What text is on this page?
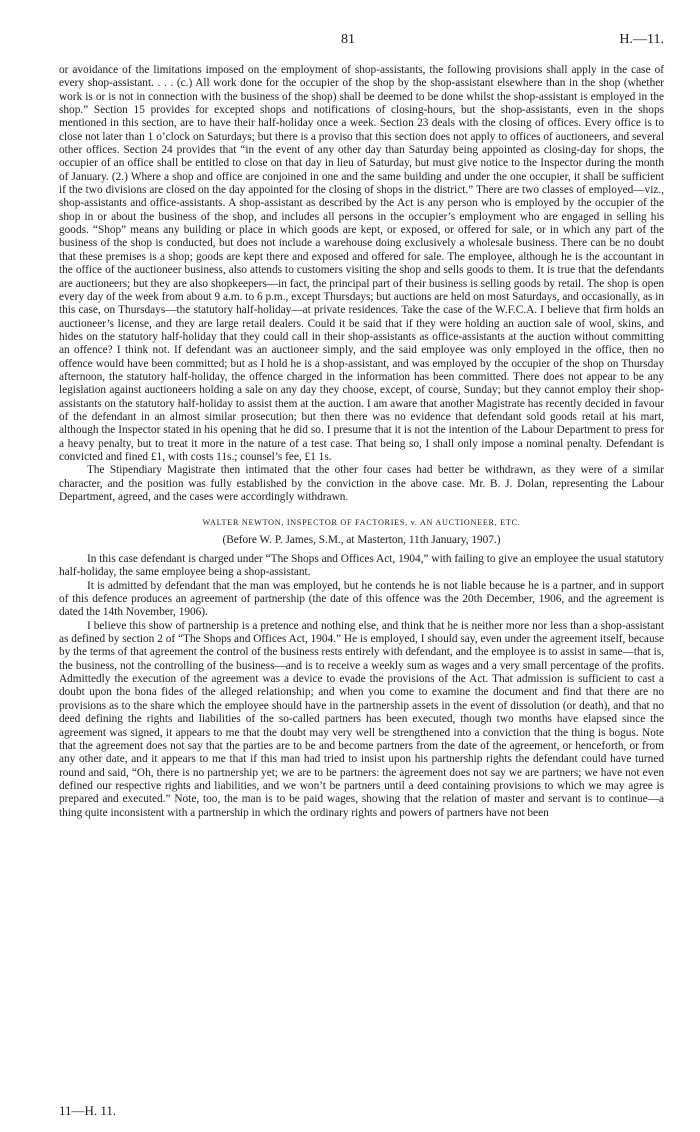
81	H.—11.

or avoidance of the limitations imposed on the employment of shop-assistants, the following provisions shall apply in the case of every shop-assistant. . . . (c.) All work done for the occupier of the shop by the shop-assistant elsewhere than in the shop (whether work is or is not in connection with the business of the shop) shall be deemed to be done whilst the shop-assistant is employed in the shop.” Section 15 provides for excepted shops and notifications of closing-hours, but the shop-assistants, even in the shops mentioned in this section, are to have their half-holiday once a week. Section 23 deals with the closing of offices. Every office is to close not later than 1 o’clock on Saturdays; but there is a proviso that this section does not apply to offices of auctioneers, and several other offices. Section 24 provides that “in the event of any other day than Saturday being appointed as closing-day for shops, the occupier of an office shall be entitled to close on that day in lieu of Saturday, but must give notice to the Inspector during the month of January. (2.) Where a shop and office are conjoined in one and the same building and under the one occupier, it shall be sufficient if the two divisions are closed on the day appointed for the closing of shops in the district.” There are two classes of employed—viz., shop-assistants and office-assistants. A shop-assistant as described by the Act is any person who is employed by the occupier of the shop in or about the business of the shop, and includes all persons in the occupier’s employment who are engaged in selling his goods. “Shop” means any building or place in which goods are kept, or exposed, or offered for sale, or in which any part of the business of the shop is conducted, but does not include a warehouse doing exclusively a wholesale business. There can be no doubt that these premises is a shop; goods are kept there and exposed and offered for sale. The employee, although he is the accountant in the office of the auctioneer business, also attends to customers visiting the shop and sells goods to them. It is true that the defendants are auctioneers; but they are also shopkeepers—in fact, the principal part of their business is selling goods by retail. The shop is open every day of the week from about 9 a.m. to 6 p.m., except Thursdays; but auctions are held on most Saturdays, and occasionally, as in this case, on Thursdays—the statutory half-holiday—at private residences. Take the case of the W.F.C.A. I believe that firm holds an auctioneer’s license, and they are large retail dealers. Could it be said that if they were holding an auction sale of wool, skins, and hides on the statutory half-holiday that they could call in their shop-assistants as office-assistants at the auction without committing an offence? I think not. If defendant was an auctioneer simply, and the said employee was only employed in the office, then no offence would have been committed; but as I hold he is a shop-assistant, and was employed by the occupier of the shop on Thursday afternoon, the statutory half-holiday, the offence charged in the information has been committed. There does not appear to be any legislation against auctioneers holding a sale on any day they choose, except, of course, Sunday; but they cannot employ their shop-assistants on the statutory half-holiday to assist them at the auction. I am aware that another Magistrate has recently decided in favour of the defendant in an almost similar prosecution; but then there was no evidence that defendant sold goods retail at his mart, although the Inspector stated in his opening that he did so. I presume that it is not the intention of the Labour Department to press for a heavy penalty, but to treat it more in the nature of a test case. That being so, I shall only impose a nominal penalty. Defendant is convicted and fined £1, with costs 11s.; counsel’s fee, £1 1s.

The Stipendiary Magistrate then intimated that the other four cases had better be withdrawn, as they were of a similar character, and the position was fully established by the conviction in the above case. Mr. B. J. Dolan, representing the Labour Department, agreed, and the cases were accordingly withdrawn.

WALTER NEWTON, INSPECTOR OF FACTORIES, v. AN AUCTIONEER, ETC.
(Before W. P. James, S.M., at Masterton, 11th January, 1907.)

In this case defendant is charged under “The Shops and Offices Act, 1904,” with failing to give an employee the usual statutory half-holiday, the same employee being a shop-assistant.

It is admitted by defendant that the man was employed, but he contends he is not liable because he is a partner, and in support of this defence produces an agreement of partnership (the date of this offence was the 20th December, 1906, and the agreement is dated the 14th November, 1906).

I believe this show of partnership is a pretence and nothing else, and think that he is neither more nor less than a shop-assistant as defined by section 2 of “The Shops and Offices Act, 1904.” He is employed, I should say, even under the agreement itself, because by the terms of that agreement the control of the business rests entirely with defendant, and the employee is to assist in same—that is, the business, not the controlling of the business—and is to receive a weekly sum as wages and a very small percentage of the profits. Admittedly the execution of the agreement was a device to evade the provisions of the Act. That admission is sufficient to cast a doubt upon the bona fides of the alleged relationship; and when you come to examine the document and find that there are no provisions as to the share which the employee should have in the partnership assets in the event of dissolution (or death), and that no deed defining the rights and liabilities of the so-called partners has been executed, though two months have elapsed since the agreement was signed, it appears to me that the doubt may very well be strengthened into a conviction that the thing is bogus. Note that the agreement does not say that the parties are to be and become partners from the date of the agreement, or henceforth, or from any other date, and it appears to me that if this man had tried to insist upon his partnership rights the defendant could have turned round and said, “Oh, there is no partnership yet; we are to be partners: the agreement does not say we are partners; we have not even defined our respective rights and liabilities, and we won’t be partners until a deed containing provisions to which we may agree is prepared and executed.” Note, too, the man is to be paid wages, showing that the relation of master and servant is to continue—a thing quite inconsistent with a partnership in which the ordinary rights and powers of partners have not been

11—H. 11.
